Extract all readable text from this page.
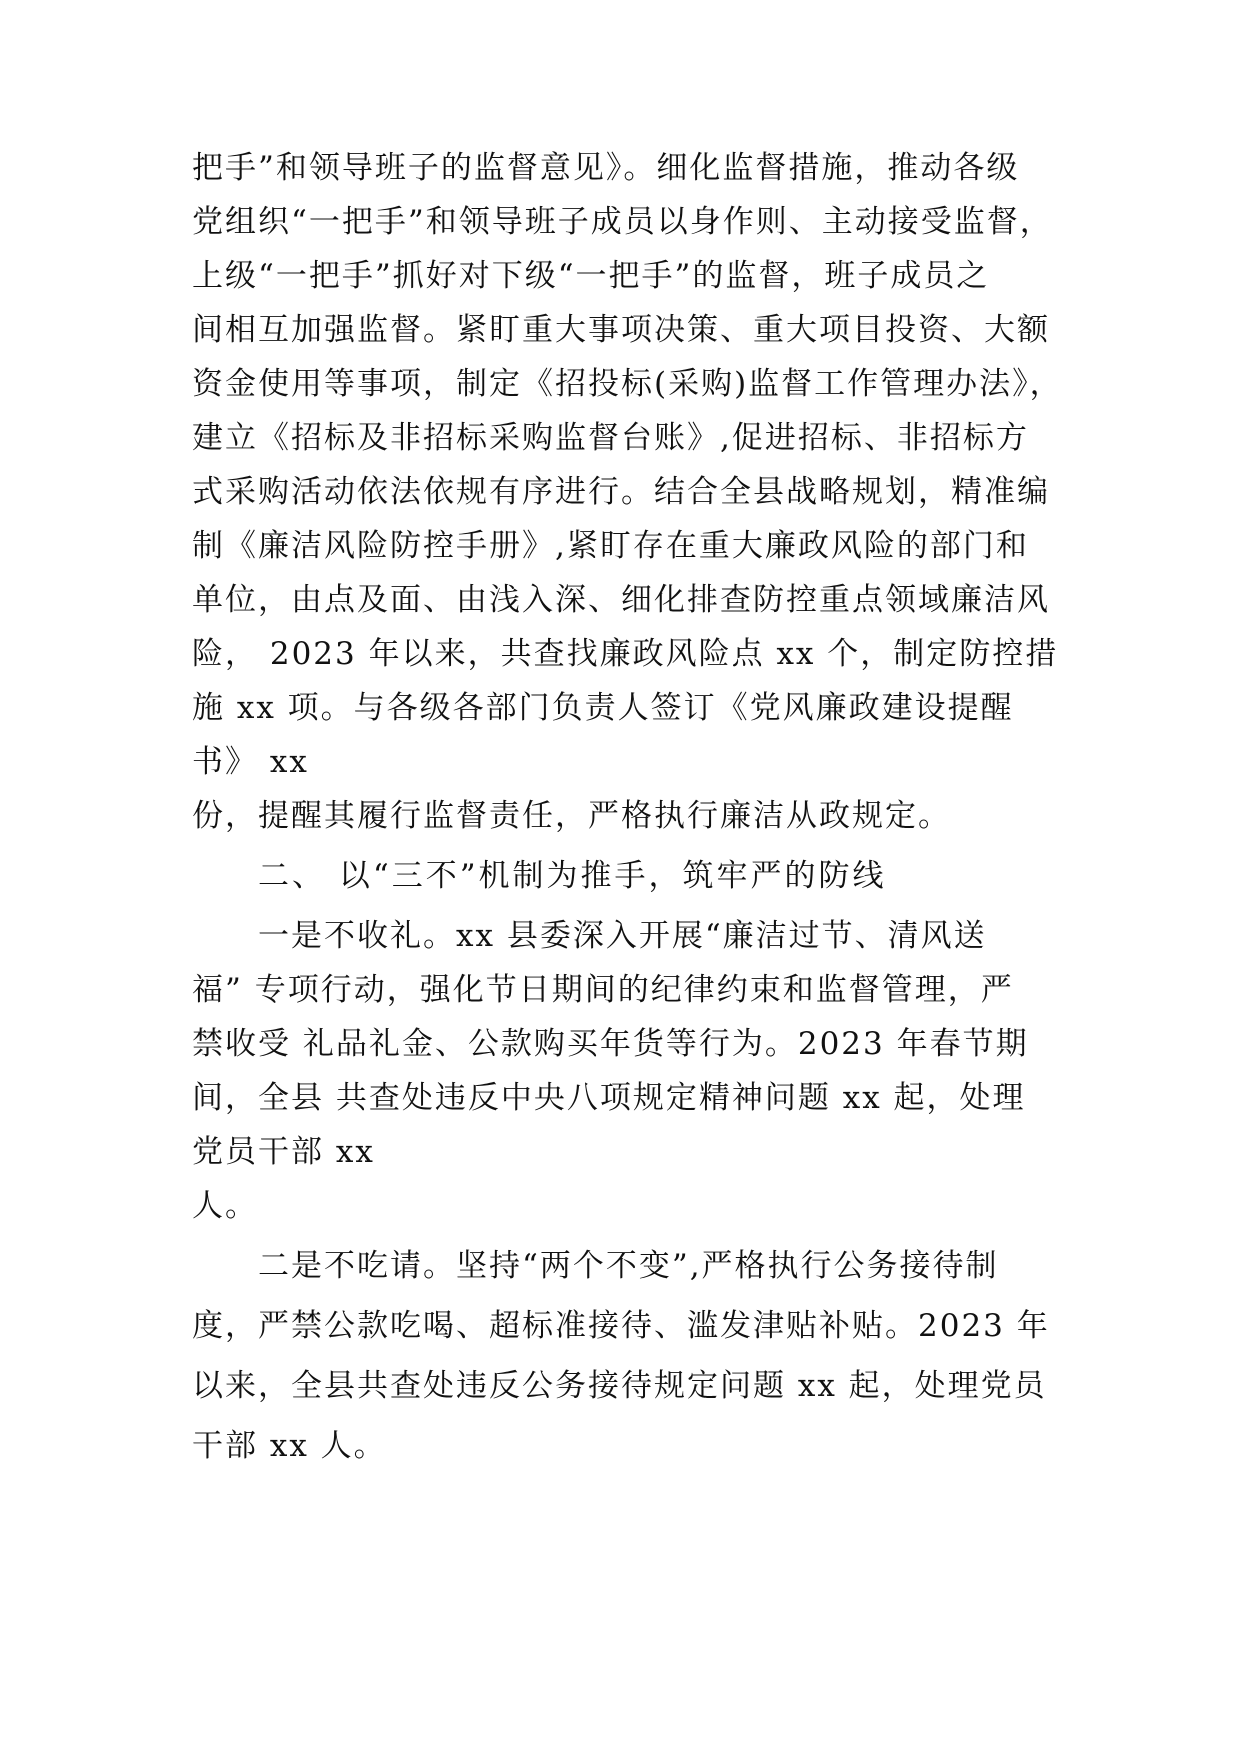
把手”和领导班子的监督意见》。细化监督措施，推动各级

党组织“一把手”和领导班子成员以身作则、主动接受监督，

上级“一把手”抓好对下级“一把手”的监督，班子成员之

间相互加强监督。紧盯重大事项决策、重大项目投资、大额

资金使用等事项，制定《招投标(采购)监督工作管理办法》，

建立《招标及非招标采购监督台账》,促进招标、非招标方

式采购活动依法依规有序进行。结合全县战略规划，精准编

制《廉洁风险防控手册》,紧盯存在重大廉政风险的部门和

单位，由点及面、由浅入深、细化排查防控重点领域廉洁风

险， 2023 年以来，共查找廉政风险点 xx 个，制定防控措

施 xx 项。与各级各部门负责人签订《党风廉政建设提醒

书》 xx

份，提醒其履行监督责任，严格执行廉洁从政规定。

二、 以“三不”机制为推手，筑牢严的防线

一是不收礼。xx 县委深入开展“廉洁过节、清风送

福” 专项行动，强化节日期间的纪律约束和监督管理，严

禁收受 礼品礼金、公款购买年货等行为。2023 年春节期

间，全县 共查处违反中央八项规定精神问题 xx 起，处理

党员干部 xx

人。

二是不吃请。坚持“两个不变”,严格执行公务接待制

度，严禁公款吃喝、超标准接待、滥发津贴补贴。2023 年

以来，全县共查处违反公务接待规定问题 xx 起，处理党员

干部 xx 人。
